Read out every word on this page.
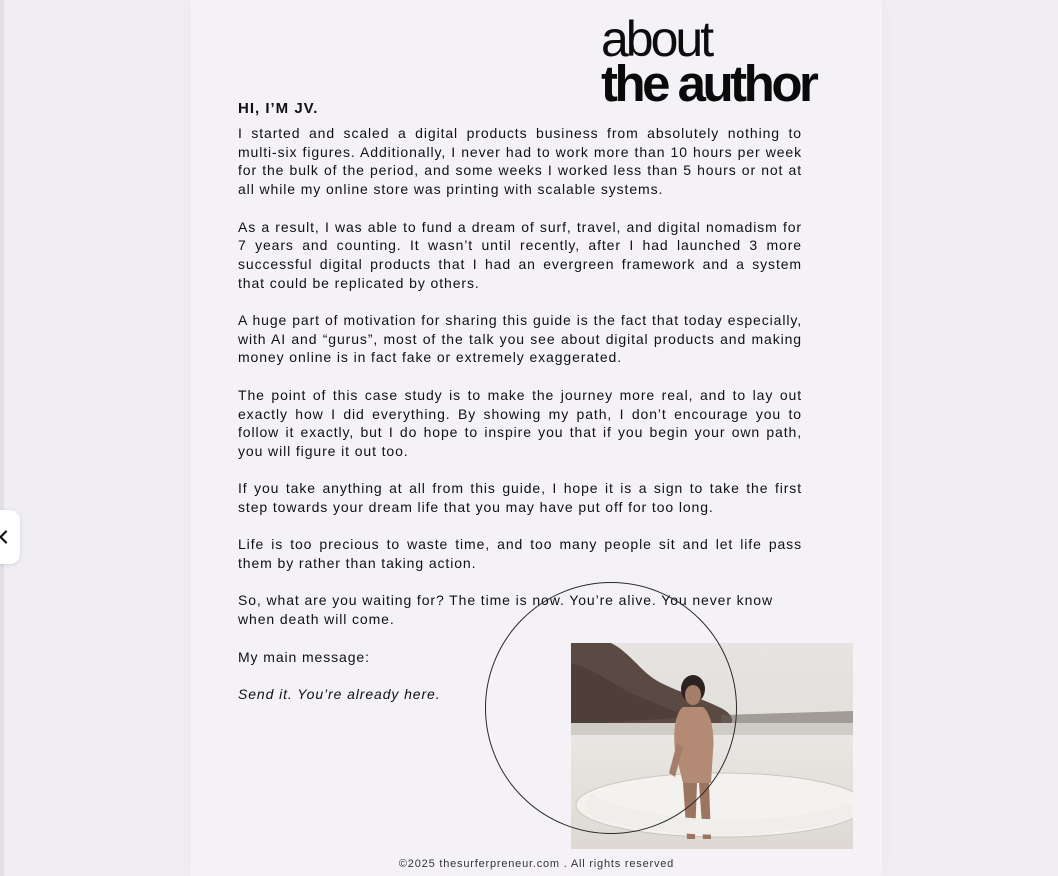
about
the author
HI, I’M JV.

I started and scaled a digital products business from absolutely nothing to multi-six figures. Additionally, I never had to work more than 10 hours per week for the bulk of the period, and some weeks I worked less than 5 hours or not at all while my online store was printing with scalable systems.

As a result, I was able to fund a dream of surf, travel, and digital nomadism for 7 years and counting. It wasn’t until recently, after I had launched 3 more successful digital products that I had an evergreen framework and a system that could be replicated by others.

A huge part of motivation for sharing this guide is the fact that today especially, with AI and “gurus”, most of the talk you see about digital products and making money online is in fact fake or extremely exaggerated.

The point of this case study is to make the journey more real, and to lay out exactly how I did everything. By showing my path, I don’t encourage you to follow it exactly, but I do hope to inspire you that if you begin your own path, you will figure it out too.

If you take anything at all from this guide, I hope it is a sign to take the first step towards your dream life that you may have put off for too long.

Life is too precious to waste time, and too many people sit and let life pass them by rather than taking action.

So, what are you waiting for? The time is now. You’re alive. You never know when death will come.

My main message:

Send it. You’re already here.

©2025 thesurferpreneur.com . All rights reserved
